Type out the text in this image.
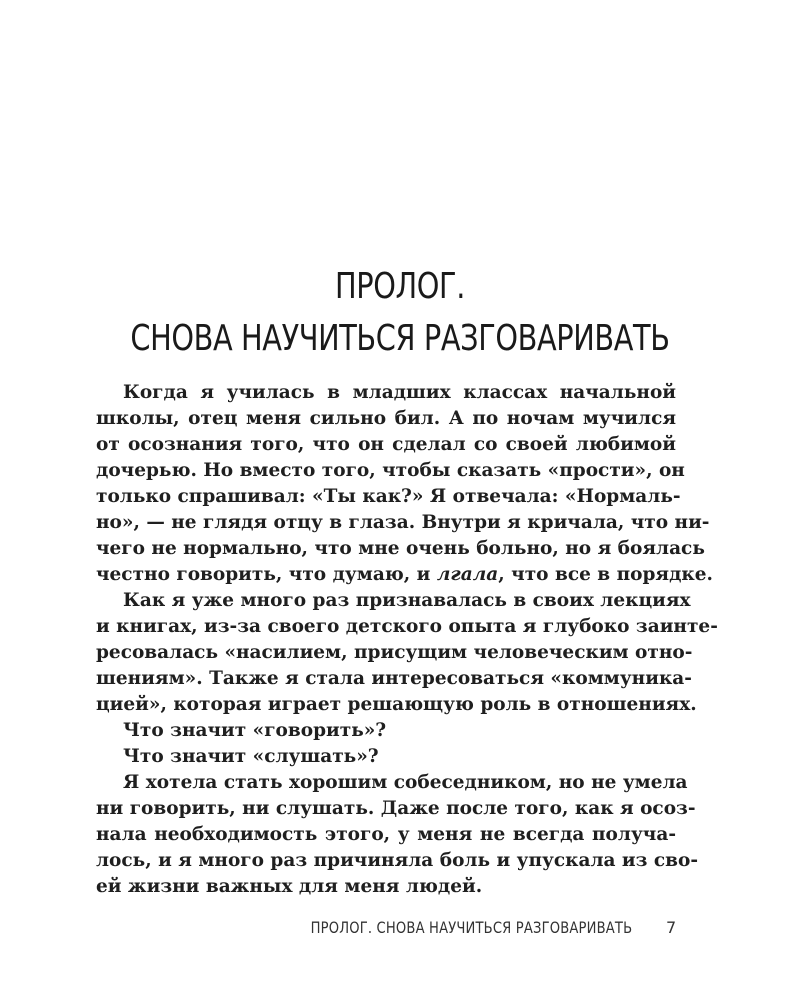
ПРОЛОГ.
СНОВА НАУЧИТЬСЯ РАЗГОВАРИВАТЬ

Когда я училась в младших классах начальной
школы, отец меня сильно бил. А по ночам мучился
от осознания того, что он сделал со своей любимой
дочерью. Но вместо того, чтобы сказать «прости», он
только спрашивал: «Ты как?» Я отвечала: «Нормаль-
но», — не глядя отцу в глаза. Внутри я кричала, что ни-
чего не нормально, что мне очень больно, но я боялась
честно говорить, что думаю, и лгала, что все в порядке.

Как я уже много раз признавалась в своих лекциях
и книгах, из-за своего детского опыта я глубоко заинте-
ресовалась «насилием, присущим человеческим отно-
шениям». Также я стала интересоваться «коммуника-
цией», которая играет решающую роль в отношениях.

Что значит «говорить»?

Что значит «слушать»?

Я хотела стать хорошим собеседником, но не умела
ни говорить, ни слушать. Даже после того, как я осоз-
нала необходимость этого, у меня не всегда получа-
лось, и я много раз причиняла боль и упускала из сво-
ей жизни важных для меня людей.

ПРОЛОГ. СНОВА НАУЧИТЬСЯ РАЗГОВАРИВАТЬ 7
